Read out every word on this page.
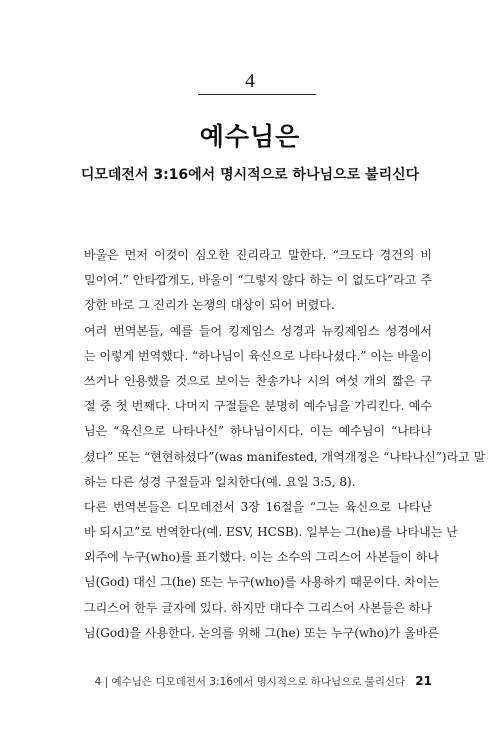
4
예수님은
디모데전서 3:16에서 명시적으로 하나님으로 불리신다
바울은 먼저 이것이 심오한 진리라고 말한다. “크도다 경건의 비
밀이여.” 안타깝게도, 바울이 “그렇지 않다 하는 이 없도다”라고 주
장한 바로 그 진리가 논쟁의 대상이 되어 버렸다.
여러 번역본들, 예를 들어 킹제임스 성경과 뉴킹제임스 성경에서
는 이렇게 번역했다. “하나님이 육신으로 나타나셨다.” 이는 바울이
쓰거나 인용했을 것으로 보이는 찬송가나 시의 여섯 개의 짧은 구
절 중 첫 번째다. 나머지 구절들은 분명히 예수님을 가리킨다. 예수
님은 “육신으로 나타나신” 하나님이시다. 이는 예수님이 “나타나
셨다” 또는 “현현하셨다”(was manifested, 개역개정은 “나타나신”)라고 말
하는 다른 성경 구절들과 일치한다(예. 요일 3:5, 8).
다른 번역본들은 디모데전서 3장 16절을 “그는 육신으로 나타난
바 되시고”로 번역한다(예. ESV, HCSB). 일부는 그(he)를 나타내는 난
외주에 누구(who)를 표기했다. 이는 소수의 그리스어 사본들이 하나
님(God) 대신 그(he) 또는 누구(who)를 사용하기 때문이다. 차이는
그리스어 한두 글자에 있다. 하지만 대다수 그리스어 사본들은 하나
님(God)을 사용한다. 논의를 위해 그(he) 또는 누구(who)가 올바른
4 | 예수님은 디모데전서 3:16에서 명시적으로 하나님으로 불리신다 21
